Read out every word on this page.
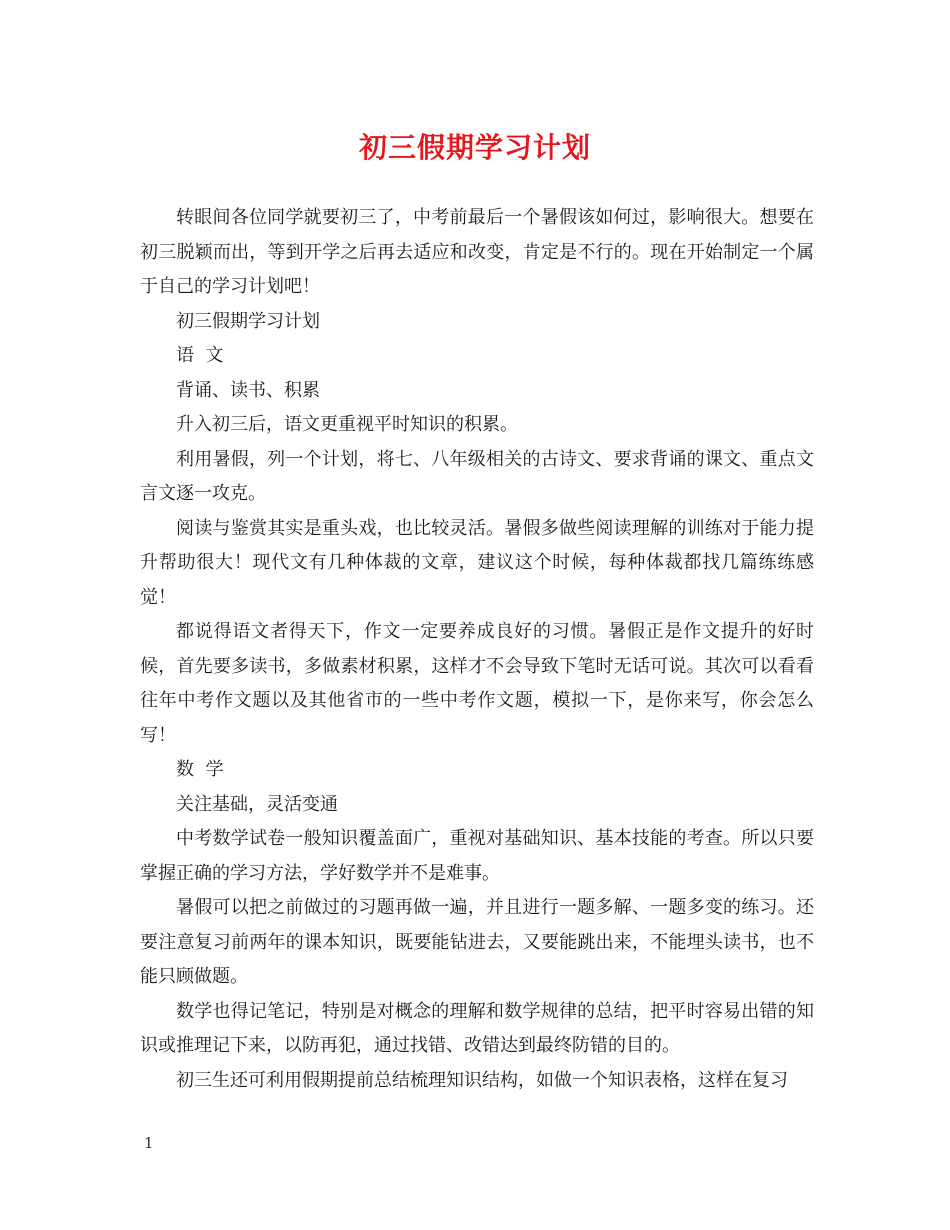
初三假期学习计划

转眼间各位同学就要初三了，中考前最后一个暑假该如何过，影响很大。想要在初三脱颖而出，等到开学之后再去适应和改变，肯定是不行的。现在开始制定一个属于自己的学习计划吧！

初三假期学习计划

语  文

背诵、读书、积累

升入初三后，语文更重视平时知识的积累。

利用暑假，列一个计划，将七、八年级相关的古诗文、要求背诵的课文、重点文言文逐一攻克。

阅读与鉴赏其实是重头戏，也比较灵活。暑假多做些阅读理解的训练对于能力提升帮助很大！现代文有几种体裁的文章，建议这个时候，每种体裁都找几篇练练感觉！

都说得语文者得天下，作文一定要养成良好的习惯。暑假正是作文提升的好时候，首先要多读书，多做素材积累，这样才不会导致下笔时无话可说。其次可以看看往年中考作文题以及其他省市的一些中考作文题，模拟一下，是你来写，你会怎么写！

数  学

关注基础，灵活变通

中考数学试卷一般知识覆盖面广，重视对基础知识、基本技能的考查。所以只要掌握正确的学习方法，学好数学并不是难事。

暑假可以把之前做过的习题再做一遍，并且进行一题多解、一题多变的练习。还要注意复习前两年的课本知识，既要能钻进去，又要能跳出来，不能埋头读书，也不能只顾做题。

数学也得记笔记，特别是对概念的理解和数学规律的总结，把平时容易出错的知识或推理记下来，以防再犯，通过找错、改错达到最终防错的目的。

初三生还可利用假期提前总结梳理知识结构，如做一个知识表格，这样在复习

1
